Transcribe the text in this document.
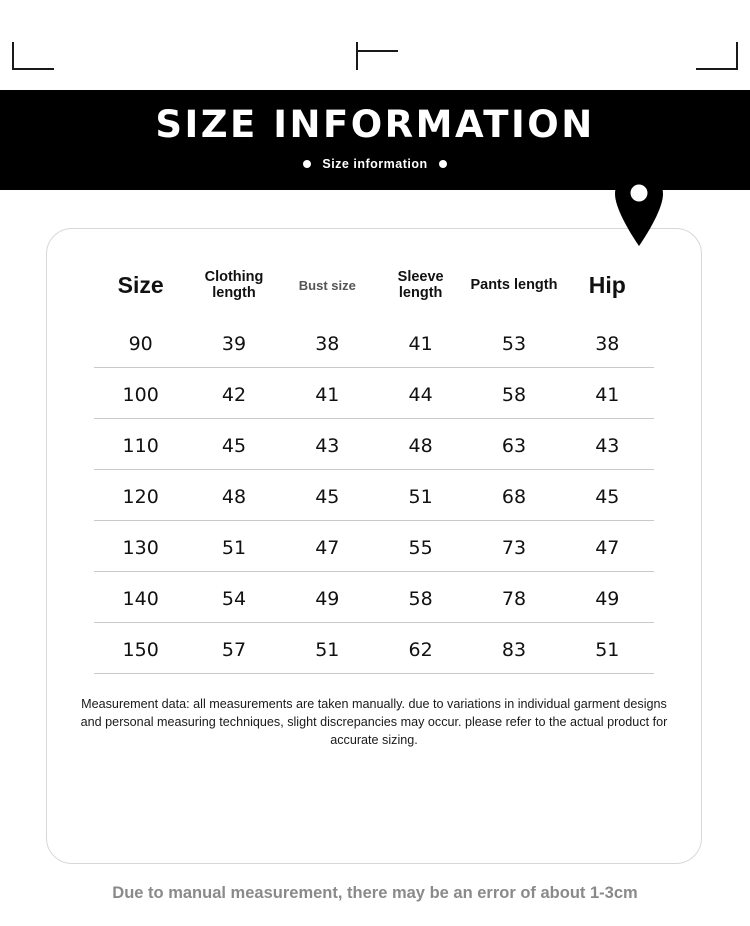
SIZE INFORMATION
Size information
Size	Clothing length	Bust size	Sleeve length	Pants length	Hip
90	39	38	41	53	38
100	42	41	44	58	41
110	45	43	48	63	43
120	48	45	51	68	45
130	51	47	55	73	47
140	54	49	58	78	49
150	57	51	62	83	51
Measurement data: all measurements are taken manually. due to variations in individual garment designs and personal measuring techniques, slight discrepancies may occur. please refer to the actual product for accurate sizing.
Due to manual measurement, there may be an error of about 1-3cm
